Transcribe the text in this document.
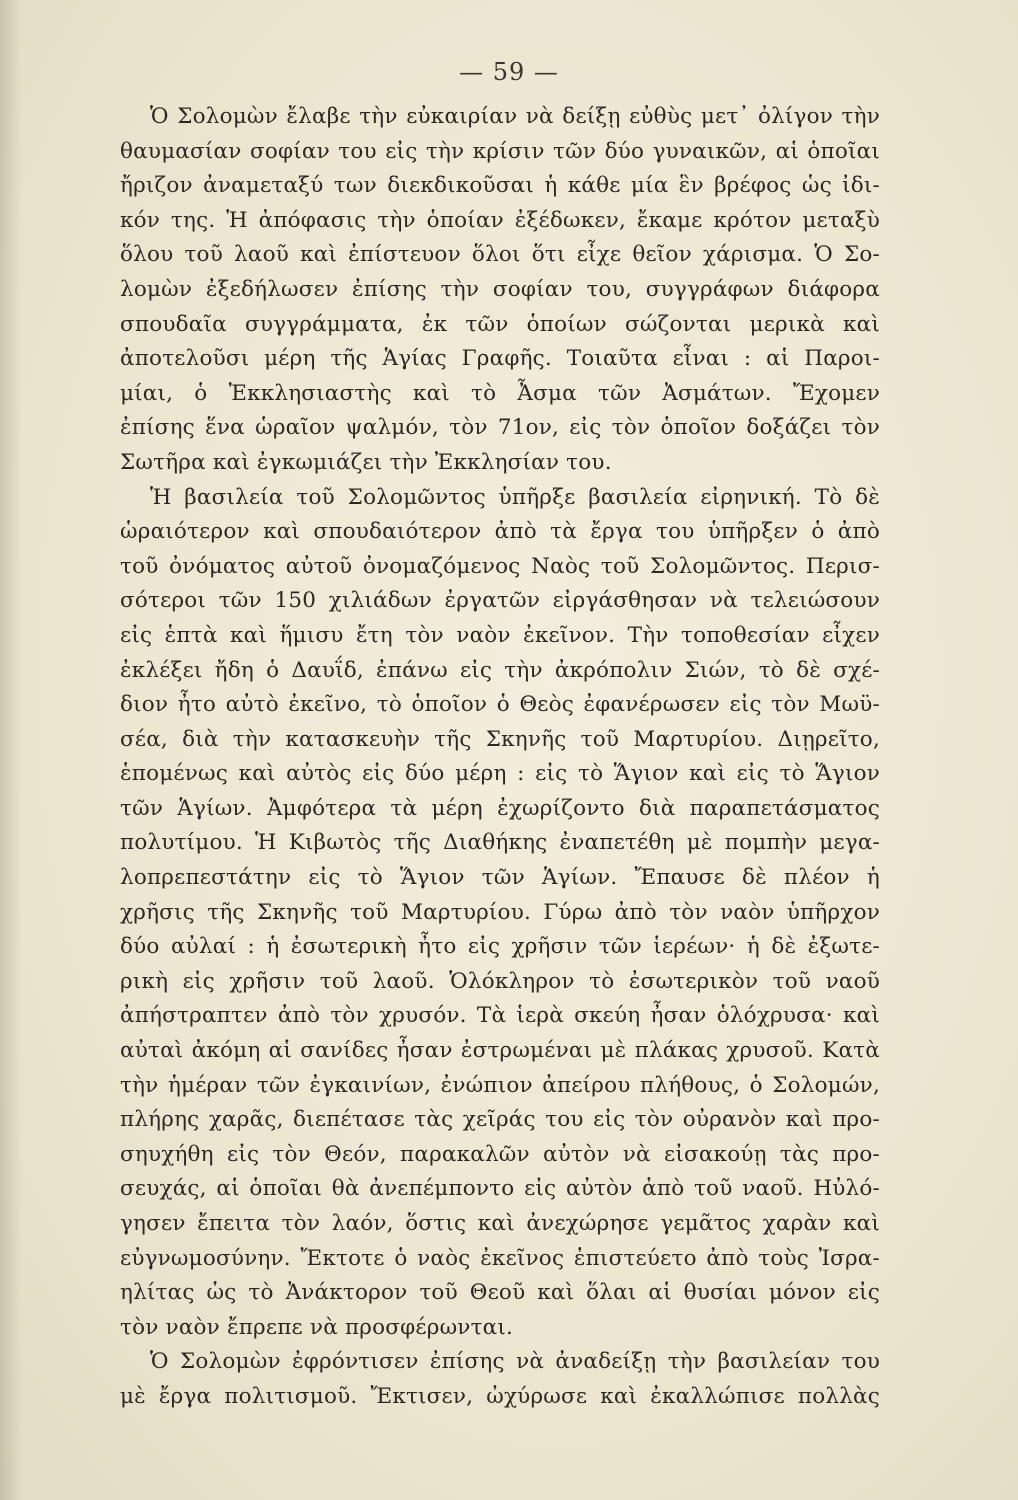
— 59 —
Ὁ Σολομὼν ἔλαβε τὴν εὐκαιρίαν νὰ δείξῃ εὐθὺς μετ᾽ ὀλίγον τὴν
θαυμασίαν σοφίαν του εἰς τὴν κρίσιν τῶν δύο γυναικῶν, αἱ ὁποῖαι
ἤριζον ἀναμεταξύ των διεκδικοῦσαι ἡ κάθε μία ἓν βρέφος ὡς ἰδι-
κόν της. Ἡ ἀπόφασις τὴν ὁποίαν ἐξέδωκεν, ἔκαμε κρότον μεταξὺ
ὅλου τοῦ λαοῦ καὶ ἐπίστευον ὅλοι ὅτι εἶχε θεῖον χάρισμα. Ὁ Σο-
λομὼν ἐξεδήλωσεν ἐπίσης τὴν σοφίαν του, συγγράφων διάφορα
σπουδαῖα συγγράμματα, ἐκ τῶν ὁποίων σώζονται μερικὰ καὶ
ἀποτελοῦσι μέρη τῆς Ἁγίας Γραφῆς. Τοιαῦτα εἶναι : αἱ Παροι-
μίαι, ὁ Ἐκκλησιαστὴς καὶ τὸ Ἆσμα τῶν Ἀσμάτων. Ἔχομεν
ἐπίσης ἕνα ὡραῖον ψαλμόν, τὸν 71ον, εἰς τὸν ὁποῖον δοξάζει τὸν
Σωτῆρα καὶ ἐγκωμιάζει τὴν Ἐκκλησίαν του.
Ἡ βασιλεία τοῦ Σολομῶντος ὑπῆρξε βασιλεία εἰρηνική. Τὸ δὲ
ὡραιότερον καὶ σπουδαιότερον ἀπὸ τὰ ἔργα του ὑπῆρξεν ὁ ἀπὸ
τοῦ ὀνόματος αὐτοῦ ὀνομαζόμενος Ναὸς τοῦ Σολομῶντος. Περισ-
σότεροι τῶν 150 χιλιάδων ἐργατῶν εἰργάσθησαν νὰ τελειώσουν
εἰς ἑπτὰ καὶ ἥμισυ ἔτη τὸν ναὸν ἐκεῖνον. Τὴν τοποθεσίαν εἶχεν
ἐκλέξει ἤδη ὁ Δαυΐδ, ἐπάνω εἰς τὴν ἀκρόπολιν Σιών, τὸ δὲ σχέ-
διον ἦτο αὐτὸ ἐκεῖνο, τὸ ὁποῖον ὁ Θεὸς ἐφανέρωσεν εἰς τὸν Μωϋ-
σέα, διὰ τὴν κατασκευὴν τῆς Σκηνῆς τοῦ Μαρτυρίου. Διῃρεῖτο,
ἑπομένως καὶ αὐτὸς εἰς δύο μέρη : εἰς τὸ Ἅγιον καὶ εἰς τὸ Ἅγιον
τῶν Ἁγίων. Ἀμφότερα τὰ μέρη ἐχωρίζοντο διὰ παραπετάσματος
πολυτίμου. Ἡ Κιβωτὸς τῆς Διαθήκης ἐναπετέθη μὲ πομπὴν μεγα-
λοπρεπεστάτην εἰς τὸ Ἅγιον τῶν Ἁγίων. Ἔπαυσε δὲ πλέον ἡ
χρῆσις τῆς Σκηνῆς τοῦ Μαρτυρίου. Γύρω ἀπὸ τὸν ναὸν ὑπῆρχον
δύο αὐλαί : ἡ ἐσωτερικὴ ἦτο εἰς χρῆσιν τῶν ἱερέων· ἡ δὲ ἐξωτε-
ρικὴ εἰς χρῆσιν τοῦ λαοῦ. Ὁλόκληρον τὸ ἐσωτερικὸν τοῦ ναοῦ
ἀπήστραπτεν ἀπὸ τὸν χρυσόν. Τὰ ἱερὰ σκεύη ἦσαν ὁλόχρυσα· καὶ
αὐταὶ ἀκόμη αἱ σανίδες ἦσαν ἐστρωμέναι μὲ πλάκας χρυσοῦ. Κατὰ
τὴν ἡμέραν τῶν ἐγκαινίων, ἐνώπιον ἀπείρου πλήθους, ὁ Σολομών,
πλήρης χαρᾶς, διεπέτασε τὰς χεῖράς του εἰς τὸν οὐρανὸν καὶ προ-
σηυχήθη εἰς τὸν Θεόν, παρακαλῶν αὐτὸν νὰ εἰσακούῃ τὰς προ-
σευχάς, αἱ ὁποῖαι θὰ ἀνεπέμποντο εἰς αὐτὸν ἀπὸ τοῦ ναοῦ. Ηὐλό-
γησεν ἔπειτα τὸν λαόν, ὅστις καὶ ἀνεχώρησε γεμᾶτος χαρὰν καὶ
εὐγνωμοσύνην. Ἔκτοτε ὁ ναὸς ἐκεῖνος ἐπιστεύετο ἀπὸ τοὺς Ἰσρα-
ηλίτας ὡς τὸ Ἀνάκτορον τοῦ Θεοῦ καὶ ὅλαι αἱ θυσίαι μόνον εἰς
τὸν ναὸν ἔπρεπε νὰ προσφέρωνται.
Ὁ Σολομὼν ἐφρόντισεν ἐπίσης νὰ ἀναδείξῃ τὴν βασιλείαν του
μὲ ἔργα πολιτισμοῦ. Ἔκτισεν, ὠχύρωσε καὶ ἐκαλλώπισε πολλὰς
